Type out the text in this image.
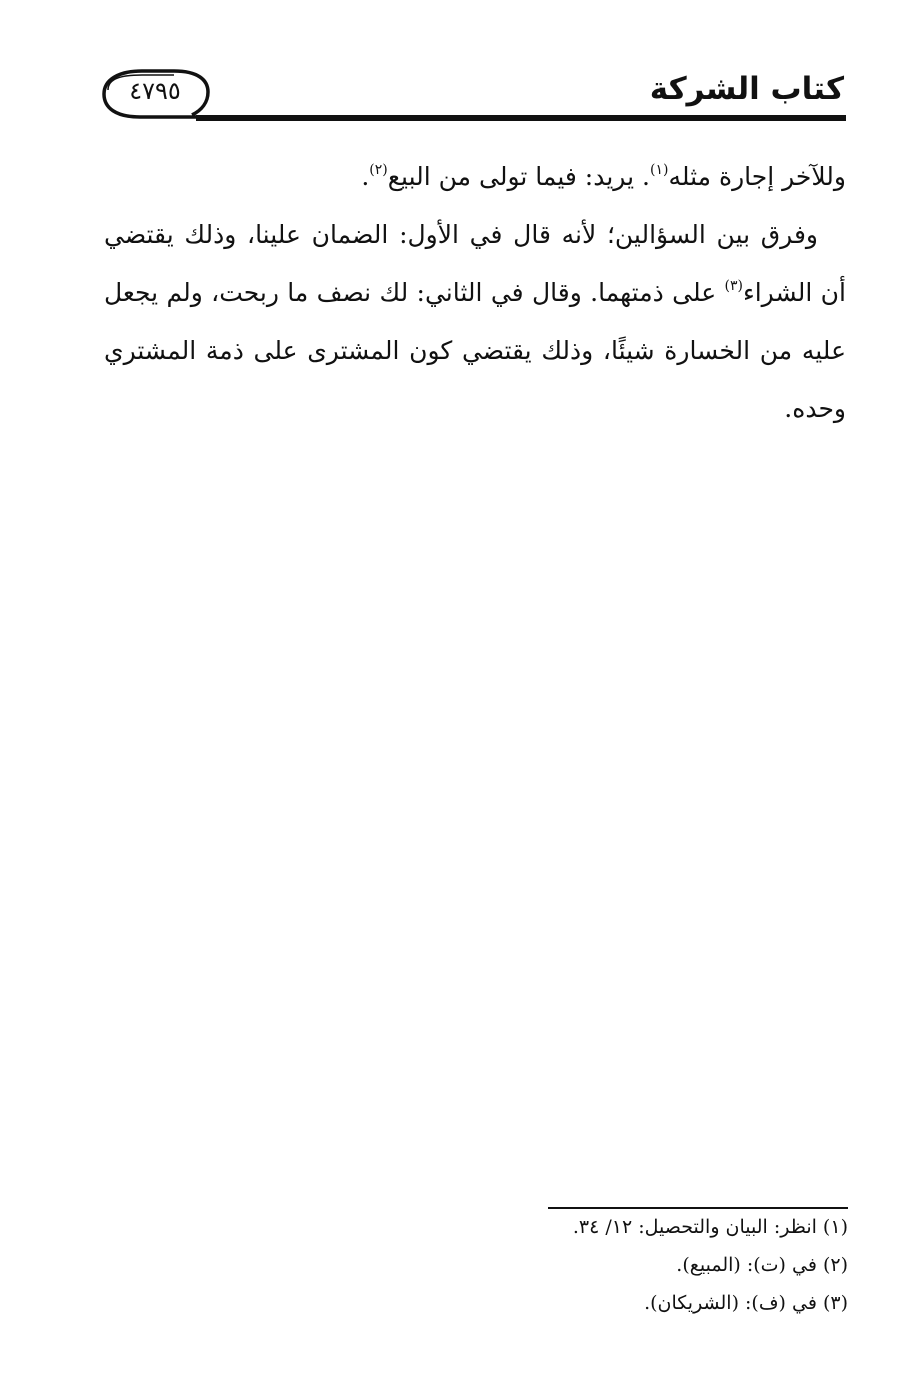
كتاب الشركة
٤٧٩٥

وللآخر إجارة مثله$^{(١)}$. يريد: فيما تولى من البيع$^{(٢)}$.

وفرق بين السؤالين؛ لأنه قال في الأول: الضمان علينا، وذلك يقتضي أن الشراء$^{(٣)}$ على ذمتهما. وقال في الثاني: لك نصف ما ربحت، ولم يجعل عليه من الخسارة شيئًا، وذلك يقتضي كون المشترى على ذمة المشتري وحده.

(١) انظر: البيان والتحصيل: ١٢/ ٣٤.

(٢) في (ت): (المبيع).

(٣) في (ف): (الشريكان).
